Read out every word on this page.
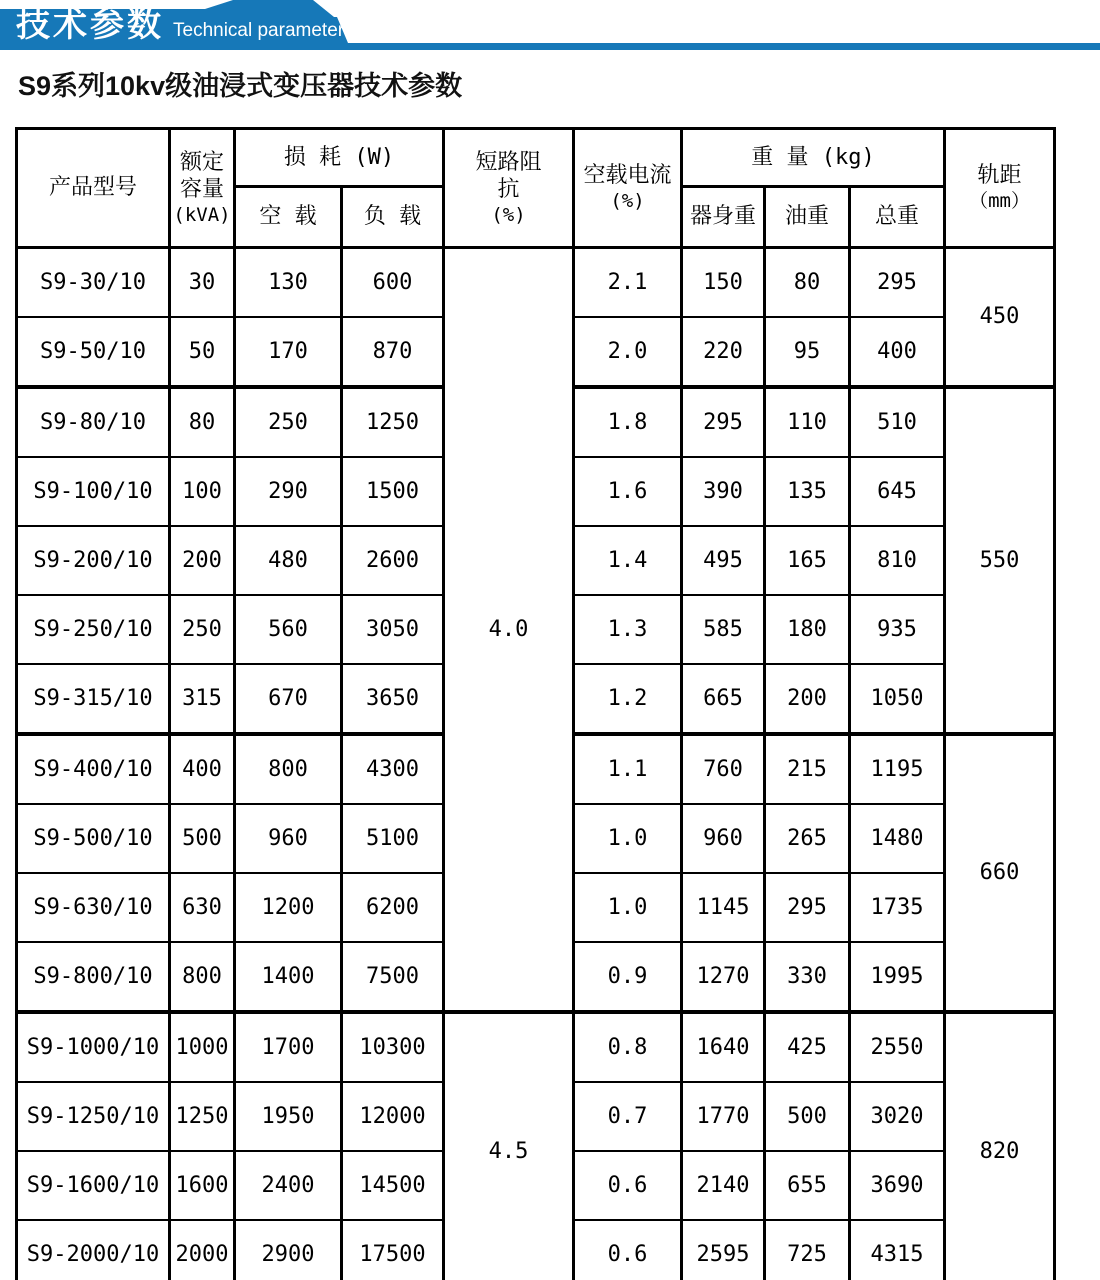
技术参数 Technical parameter
S9系列10kv级油浸式变压器技术参数
产品型号	额定
容量
(kVA)	损 耗 (W)		短路阻
抗
(%)	空载电流
(%)	重 量 (kg)			轨距
（mm）

		空 载	负 载			器身重	油重	总重	
S9-30/10	30	130	600	4.0	2.1	150	80	295	450
S9-50/10	50	170	870		2.0	220	95	400	
S9-80/10	80	250	1250		1.8	295	110	510	550
S9-100/10	100	290	1500		1.6	390	135	645	
S9-200/10	200	480	2600		1.4	495	165	810	
S9-250/10	250	560	3050		1.3	585	180	935	
S9-315/10	315	670	3650		1.2	665	200	1050	
S9-400/10	400	800	4300		1.1	760	215	1195	660
S9-500/10	500	960	5100		1.0	960	265	1480	
S9-630/10	630	1200	6200		1.0	1145	295	1735	
S9-800/10	800	1400	7500		0.9	1270	330	1995	
S9-1000/10	1000	1700	10300	4.5	0.8	1640	425	2550	820
S9-1250/10	1250	1950	12000		0.7	1770	500	3020	
S9-1600/10	1600	2400	14500		0.6	2140	655	3690	
S9-2000/10	2000	2900	17500		0.6	2595	725	4315	
